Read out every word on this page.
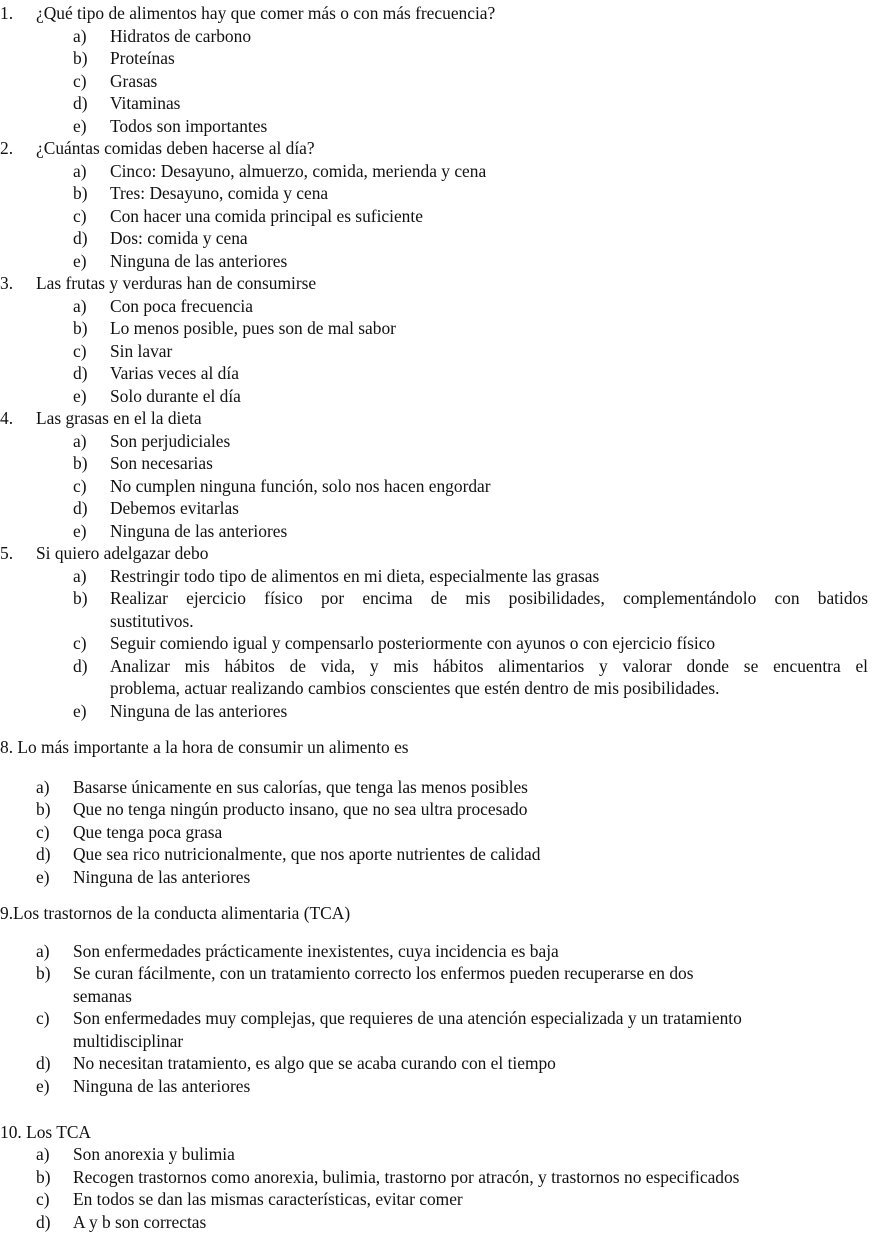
1. ¿Qué tipo de alimentos hay que comer más o con más frecuencia?
a) Hidratos de carbono
b) Proteínas
c) Grasas
d) Vitaminas
e) Todos son importantes
2. ¿Cuántas comidas deben hacerse al día?
a) Cinco: Desayuno, almuerzo, comida, merienda y cena
b) Tres: Desayuno, comida y cena
c) Con hacer una comida principal es suficiente
d) Dos: comida y cena
e) Ninguna de las anteriores
3. Las frutas y verduras han de consumirse
a) Con poca frecuencia
b) Lo menos posible, pues son de mal sabor
c) Sin lavar
d) Varias veces al día
e) Solo durante el día
4. Las grasas en el la dieta
a) Son perjudiciales
b) Son necesarias
c) No cumplen ninguna función, solo nos hacen engordar
d) Debemos evitarlas
e) Ninguna de las anteriores
5. Si quiero adelgazar debo
a) Restringir todo tipo de alimentos en mi dieta, especialmente las grasas
b)	Realizar ejercicio físico por encima de mis posibilidades, complementándolo con batidos
sustitutivos.
c) Seguir comiendo igual y compensarlo posteriormente con ayunos o con ejercicio físico
d)	Analizar mis hábitos de vida, y mis hábitos alimentarios y valorar donde se encuentra el
problema, actuar realizando cambios conscientes que estén dentro de mis posibilidades.
e) Ninguna de las anteriores
8. Lo más importante a la hora de consumir un alimento es
a) Basarse únicamente en sus calorías, que tenga las menos posibles
b) Que no tenga ningún producto insano, que no sea ultra procesado
c) Que tenga poca grasa
d) Que sea rico nutricionalmente, que nos aporte nutrientes de calidad
e) Ninguna de las anteriores
9.Los trastornos de la conducta alimentaria (TCA)
a) Son enfermedades prácticamente inexistentes, cuya incidencia es baja
b) Se curan fácilmente, con un tratamiento correcto los enfermos pueden recuperarse en dos
semanas
c) Son enfermedades muy complejas, que requieres de una atención especializada y un tratamiento
multidisciplinar
d) No necesitan tratamiento, es algo que se acaba curando con el tiempo
e) Ninguna de las anteriores
10. Los TCA
a) Son anorexia y bulimia
b) Recogen trastornos como anorexia, bulimia, trastorno por atracón, y trastornos no especificados
c) En todos se dan las mismas características, evitar comer
d) A y b son correctas
